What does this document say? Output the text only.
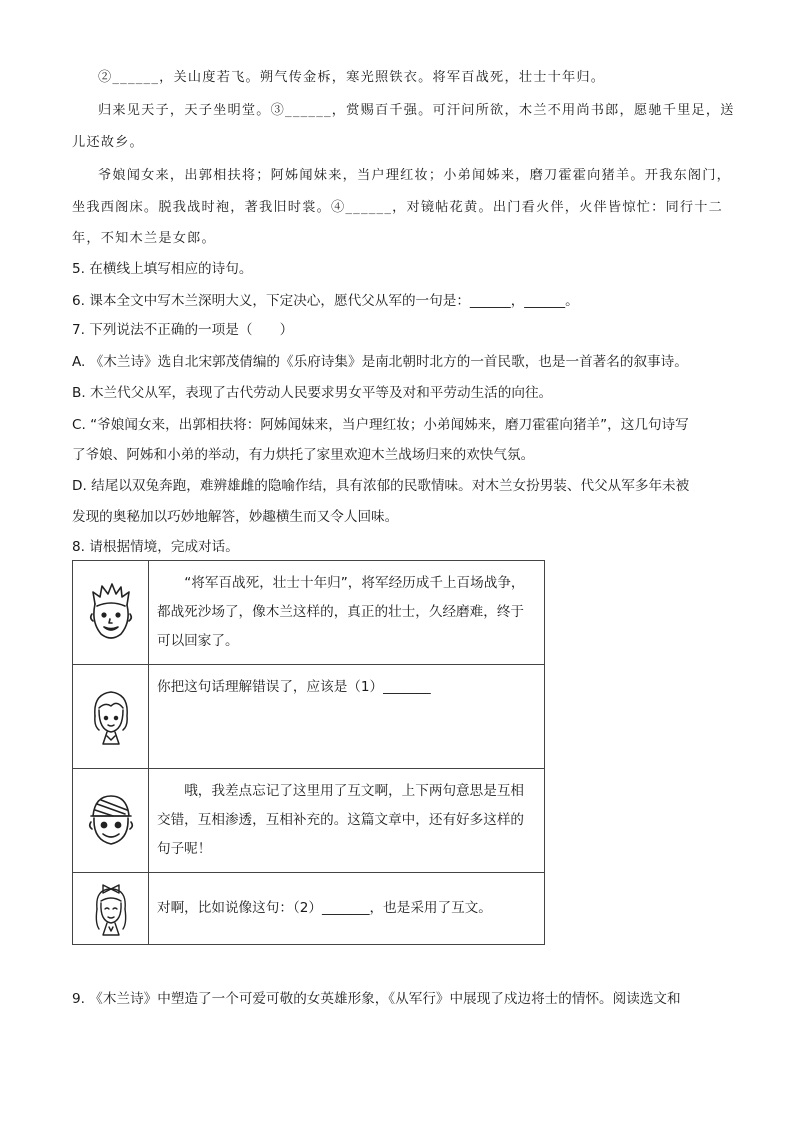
②______，关山度若飞。朔气传金柝，寒光照铁衣。将军百战死，壮士十年归。
归来见天子，天子坐明堂。③______，赏赐百千强。可汗问所欲，木兰不用尚书郎，愿驰千里足，送
儿还故乡。
爷娘闻女来，出郭相扶将；阿姊闻妹来，当户理红妆；小弟闻姊来，磨刀霍霍向猪羊。开我东阁门，
坐我西阁床。脱我战时袍，著我旧时裳。④______，对镜帖花黄。出门看火伴，火伴皆惊忙：同行十二
年，不知木兰是女郎。
5. 在横线上填写相应的诗句。
6. 课本全文中写木兰深明大义，下定决心，愿代父从军的一句是：______，______。
7. 下列说法不正确的一项是（　　）
A. 《木兰诗》选自北宋郭茂倩编的《乐府诗集》是南北朝时北方的一首民歌，也是一首著名的叙事诗。
B. 木兰代父从军，表现了古代劳动人民要求男女平等及对和平劳动生活的向往。
C. “爷娘闻女来，出郭相扶将：阿姊闻妹来，当户理红妆；小弟闻姊来，磨刀霍霍向猪羊”，这几句诗写
了爷娘、阿姊和小弟的举动，有力烘托了家里欢迎木兰战场归来的欢快气氛。
D. 结尾以双兔奔跑，难辨雄雌的隐喻作结，具有浓郁的民歌情味。对木兰女扮男装、代父从军多年未被
发现的奥秘加以巧妙地解答，妙趣横生而又令人回味。
8. 请根据情境，完成对话。
	“将军百战死，壮士十年归”，将军经历成千上百场战争，都战死沙场了，像木兰这样的，真正的壮士，久经磨难，终于可以回家了。

	你把这句话理解错误了，应该是（1）_______

	哦，我差点忘记了这里用了互文啊，上下两句意思是互相交错，互相渗透，互相补充的。这篇文章中，还有好多这样的句子呢！

	对啊，比如说像这句：（2）_______，也是采用了互文。
9. 《木兰诗》中塑造了一个可爱可敬的女英雄形象，《从军行》中展现了戍边将士的情怀。阅读选文和
